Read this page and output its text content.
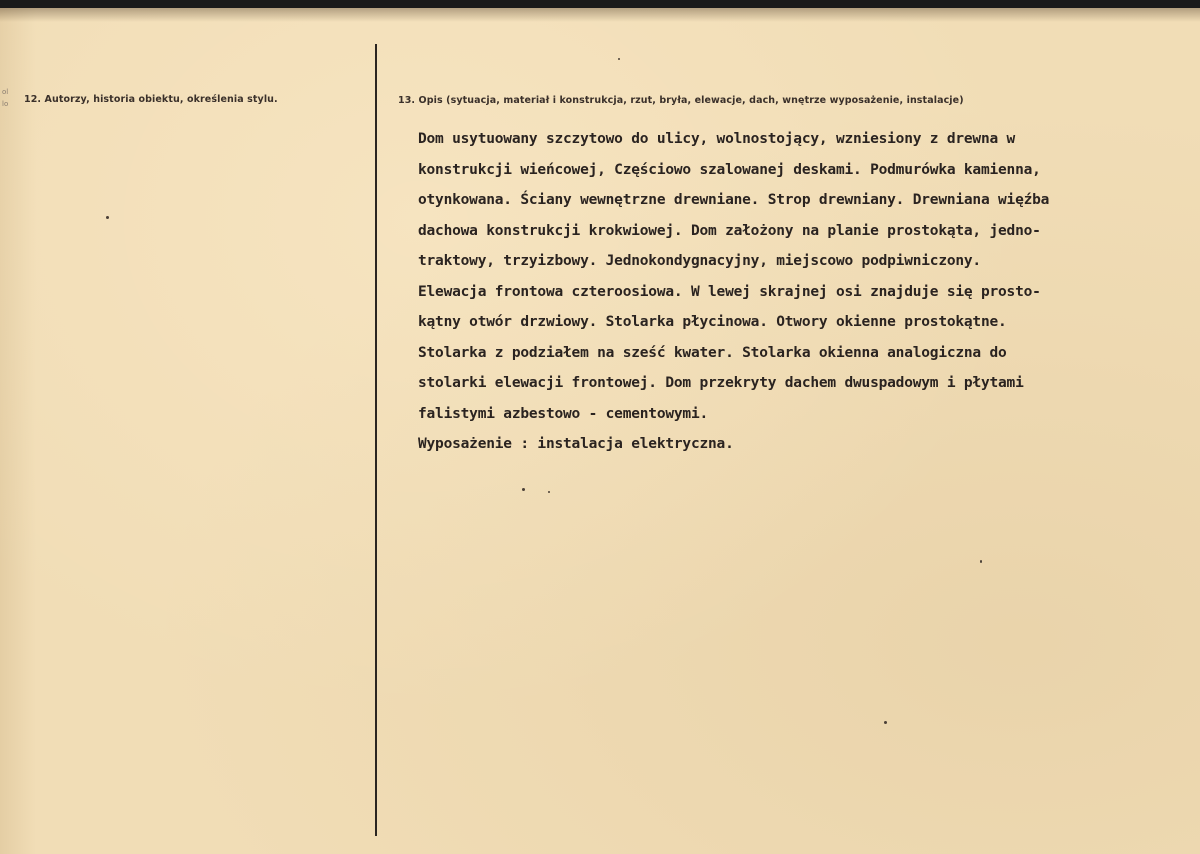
ol
lo 12. Autorzy, historia obiektu, określenia stylu.	13. Opis (sytuacja, materiał i konstrukcja, rzut, bryła, elewacje, dach, wnętrze wyposażenie, instalacje)
Dom usytuowany szczytowo do ulicy, wolnostojący, wzniesiony z drewna w
konstrukcji wieńcowej, Częściowo szalowanej deskami. Podmurówka kamienna,
otynkowana. Ściany wewnętrzne drewniane. Strop drewniany. Drewniana więźba
dachowa konstrukcji krokwiowej. Dom założony na planie prostokąta, jedno-
traktowy, trzyizbowy. Jednokondygnacyjny, miejscowo podpiwniczony.
Elewacja frontowa czteroosiowa. W lewej skrajnej osi znajduje się prosto-
kątny otwór drzwiowy. Stolarka płycinowa. Otwory okienne prostokątne.
Stolarka z podziałem na sześć kwater. Stolarka okienna analogiczna do
stolarki elewacji frontowej. Dom przekryty dachem dwuspadowym i płytami
falistymi azbestowo - cementowymi.
Wyposażenie : instalacja elektryczna.
